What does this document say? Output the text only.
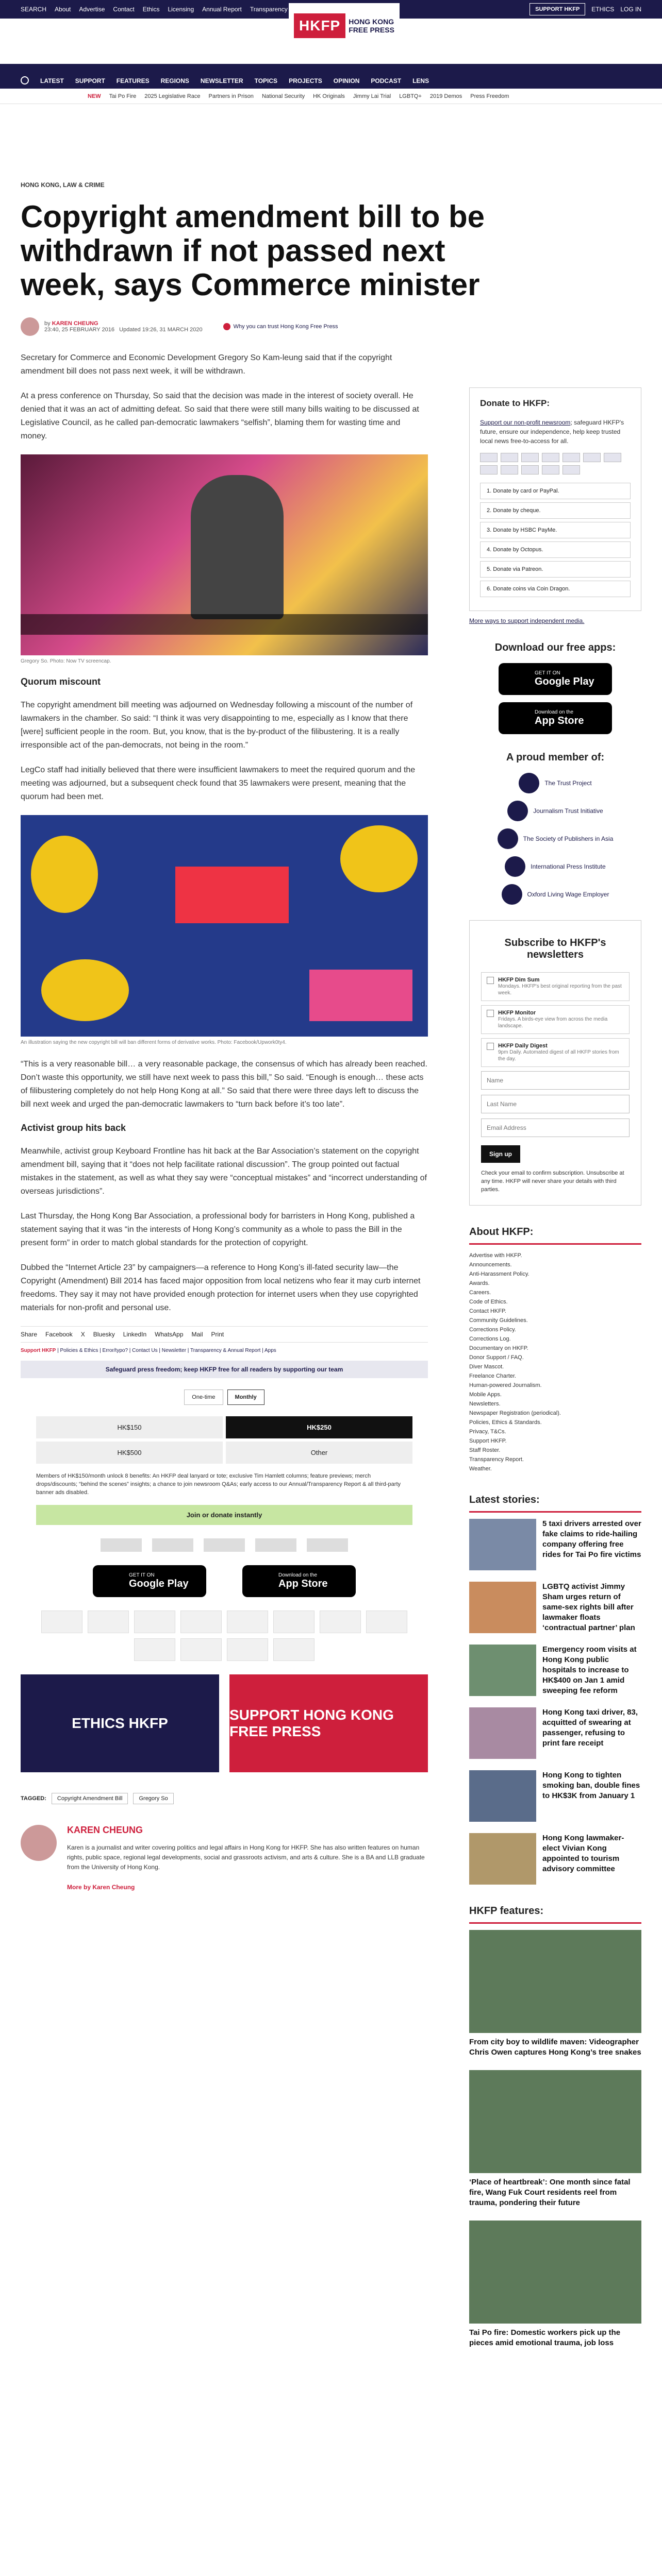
SEARCH About Advertise Contact Ethics Licensing Annual Report Transparency	SUPPORT HKFP	ETHICS LOG IN
HKFP	HONG KONG
FREE PRESS
LATEST SUPPORT FEATURES REGIONS NEWSLETTER TOPICS PROJECTS OPINION PODCAST LENS
NEW Tai Po Fire 2025 Legislative Race Partners in Prison National Security HK Originals Jimmy Lai Trial LGBTQ+ 2019 Demos Press Freedom
HONG KONG, LAW & CRIME
Copyright amendment bill to be withdrawn if not passed next week, says Commerce minister
by KAREN CHEUNG
23:40, 25 FEBRUARY 2016 Updated 19:26, 31 MARCH 2020	Why you can trust Hong Kong Free Press

Secretary for Commerce and Economic Development Gregory So Kam-leung said that if the copyright amendment bill does not pass next week, it will be withdrawn.

At a press conference on Thursday, So said that the decision was made in the interest of society overall. He denied that it was an act of admitting defeat. So said that there were still many bills waiting to be discussed at Legislative Council, as he called pan-democratic lawmakers “selfish”, blaming them for wasting time and money.

Gregory So. Photo: Now TV screencap.
Quorum miscount

The copyright amendment bill meeting was adjourned on Wednesday following a miscount of the number of lawmakers in the chamber. So said: “I think it was very disappointing to me, especially as I know that there [were] sufficient people in the room. But, you know, that is the by-product of the filibustering. It is a really irresponsible act of the pan-democrats, not being in the room.”

LegCo staff had initially believed that there were insufficient lawmakers to meet the required quorum and the meeting was adjourned, but a subsequent check found that 35 lawmakers were present, meaning that the quorum had been met.

An illustration saying the new copyright bill will ban different forms of derivative works. Photo: Facebook/Upwork0ty4.

“This is a very reasonable bill… a very reasonable package, the consensus of which has already been reached. Don’t waste this opportunity, we still have next week to pass this bill,” So said. “Enough is enough… these acts of filibustering completely do not help Hong Kong at all.” So said that there were three days left to discuss the bill next week and urged the pan-democratic lawmakers to “turn back before it’s too late”.

Activist group hits back

Meanwhile, activist group Keyboard Frontline has hit back at the Bar Association’s statement on the copyright amendment bill, saying that it “does not help facilitate rational discussion”. The group pointed out factual mistakes in the statement, as well as what they say were “conceptual mistakes” and “incorrect understanding of overseas jurisdictions”.

Last Thursday, the Hong Kong Bar Association, a professional body for barristers in Hong Kong, published a statement saying that it was “in the interests of Hong Kong’s community as a whole to pass the Bill in the present form” in order to match global standards for the protection of copyright.

Dubbed the “Internet Article 23” by campaigners—a reference to Hong Kong’s ill-fated security law—the Copyright (Amendment) Bill 2014 has faced major opposition from local netizens who fear it may curb internet freedoms. They say it may not have provided enough protection for internet users when they use copyrighted materials for non-profit and personal use.

Share Facebook X Bluesky LinkedIn WhatsApp Mail Print
Support HKFP | Policies & Ethics | Error/typo? | Contact Us | Newsletter | Transparency & Annual Report | Apps
Safeguard press freedom; keep HKFP free for all readers by supporting our team
One-time	Monthly
HK$150	HK$250
HK$500	Other
Members of HK$150/month unlock 8 benefits: An HKFP deal lanyard or tote; exclusive Tim Hamlett columns; feature previews; merch drops/discounts; “behind the scenes” insights; a chance to join newsroom Q&As; early access to our Annual/Transparency Report & all third-party banner ads disabled.
Join or donate instantly
GET IT ON
Google Play
Download on the
App Store
ETHICS HKFP
SUPPORT HONG KONG FREE PRESS
TAGGED:	Copyright Amendment Bill	Gregory So
KAREN CHEUNG

Karen is a journalist and writer covering politics and legal affairs in Hong Kong for HKFP. She has also written features on human rights, public space, regional legal developments, social and grassroots activism, and arts & culture. She is a BA and LLB graduate from the University of Hong Kong.

More by Karen Cheung
Donate to HKFP:
Support our non-profit newsroom; safeguard HKFP's future, ensure our independence, help keep trusted local news free-to-access for all.
1. Donate by card or PayPal.
2. Donate by cheque.
3. Donate by HSBC PayMe.
4. Donate by Octopus.
5. Donate via Patreon.
6. Donate coins via Coin Dragon.
More ways to support independent media.
Download our free apps:
GET IT ON
Google Play
Download on the
App Store
A proud member of:
The Trust Project
Journalism Trust Initiative
The Society of Publishers in Asia
International Press Institute
Oxford Living Wage Employer
Subscribe to HKFP's newsletters
HKFP Dim Sum
Mondays. HKFP's best original reporting from the past week.
HKFP Monitor
Fridays. A birds-eye view from across the media landscape.
HKFP Daily Digest
9pm Daily. Automated digest of all HKFP stories from the day.
Name Last Name Email Address Sign up
Check your email to confirm subscription. Unsubscribe at any time. HKFP will never share your details with third parties.
About HKFP:
Advertise with HKFP.
Announcements.
Anti-Harassment Policy.
Awards.
Careers.
Code of Ethics.
Contact HKFP.
Community Guidelines.
Corrections Policy.
Corrections Log.
Documentary on HKFP.
Donor Support / FAQ.
Diver Mascot.
Freelance Charter.
Human-powered Journalism.
Mobile Apps.
Newsletters.
Newspaper Registration (periodical).
Policies, Ethics & Standards.
Privacy, T&Cs.
Support HKFP.
Staff Roster.
Transparency Report.
Weather.
Latest stories:
5 taxi drivers arrested over fake claims to ride-hailing company offering free rides for Tai Po fire victims
LGBTQ activist Jimmy Sham urges return of same-sex rights bill after lawmaker floats ‘contractual partner’ plan
Emergency room visits at Hong Kong public hospitals to increase to HK$400 on Jan 1 amid sweeping fee reform
Hong Kong taxi driver, 83, acquitted of swearing at passenger, refusing to print fare receipt
Hong Kong to tighten smoking ban, double fines to HK$3K from January 1
Hong Kong lawmaker-elect Vivian Kong appointed to tourism advisory committee
HKFP features:
From city boy to wildlife maven: Videographer Chris Owen captures Hong Kong’s tree snakes
‘Place of heartbreak’: One month since fatal fire, Wang Fuk Court residents reel from trauma, pondering their future
Tai Po fire: Domestic workers pick up the pieces amid emotional trauma, job loss
